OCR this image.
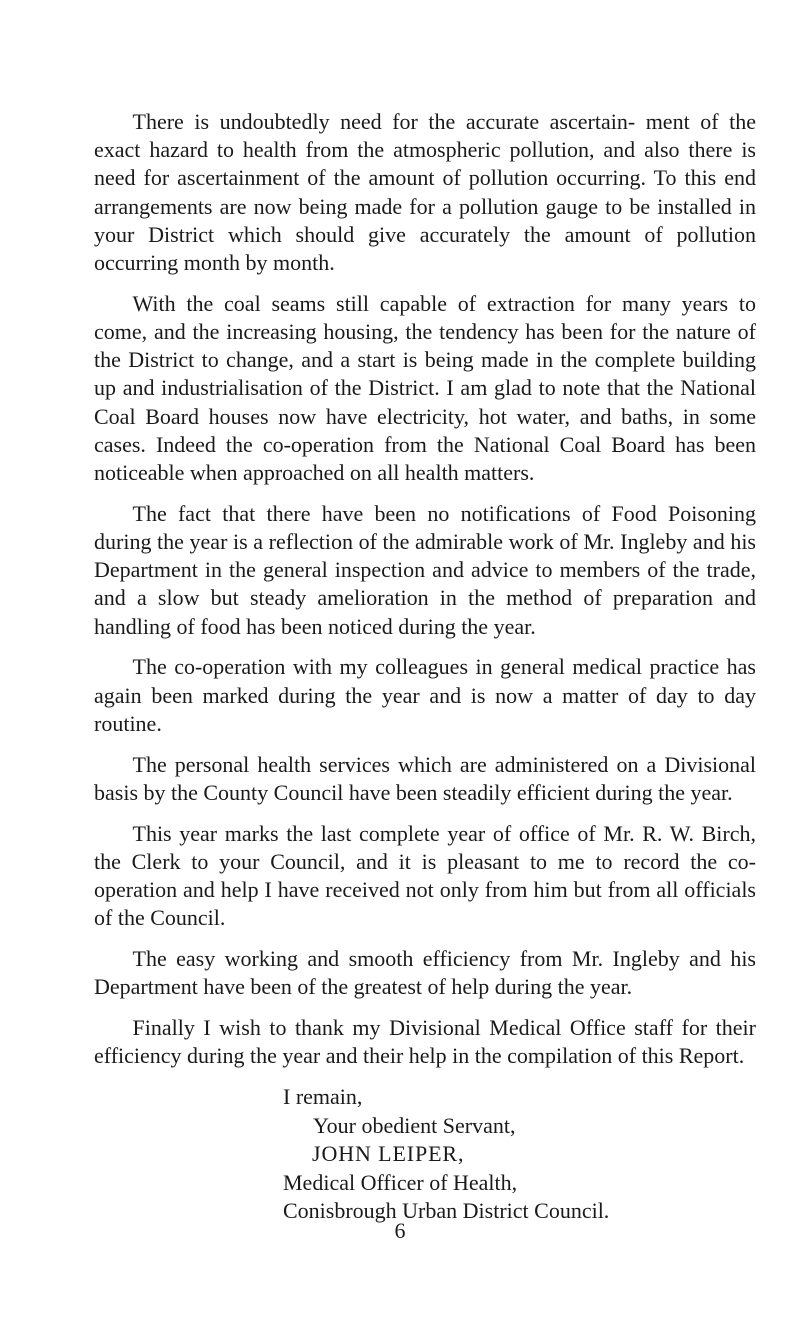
There is undoubtedly need for the accurate ascertain- ment of the exact hazard to health from the atmospheric pollution, and also there is need for ascertainment of the amount of pollution occurring. To this end arrangements are now being made for a pollution gauge to be installed in your District which should give accurately the amount of pollution occurring month by month.

With the coal seams still capable of extraction for many years to come, and the increasing housing, the tendency has been for the nature of the District to change, and a start is being made in the complete building up and industrialisation of the District. I am glad to note that the National Coal Board houses now have electricity, hot water, and baths, in some cases. Indeed the co-operation from the National Coal Board has been noticeable when approached on all health matters.

The fact that there have been no notifications of Food Poisoning during the year is a reflection of the admirable work of Mr. Ingleby and his Department in the general inspection and advice to members of the trade, and a slow but steady amelioration in the method of preparation and handling of food has been noticed during the year.

The co-operation with my colleagues in general medical practice has again been marked during the year and is now a matter of day to day routine.

The personal health services which are administered on a Divisional basis by the County Council have been steadily efficient during the year.

This year marks the last complete year of office of Mr. R. W. Birch, the Clerk to your Council, and it is pleasant to me to record the co-operation and help I have received not only from him but from all officials of the Council.

The easy working and smooth efficiency from Mr. Ingleby and his Department have been of the greatest of help during the year.

Finally I wish to thank my Divisional Medical Office staff for their efficiency during the year and their help in the compilation of this Report.

I remain,
Your obedient Servant,
JOHN LEIPER,
Medical Officer of Health,
Conisbrough Urban District Council.
6
